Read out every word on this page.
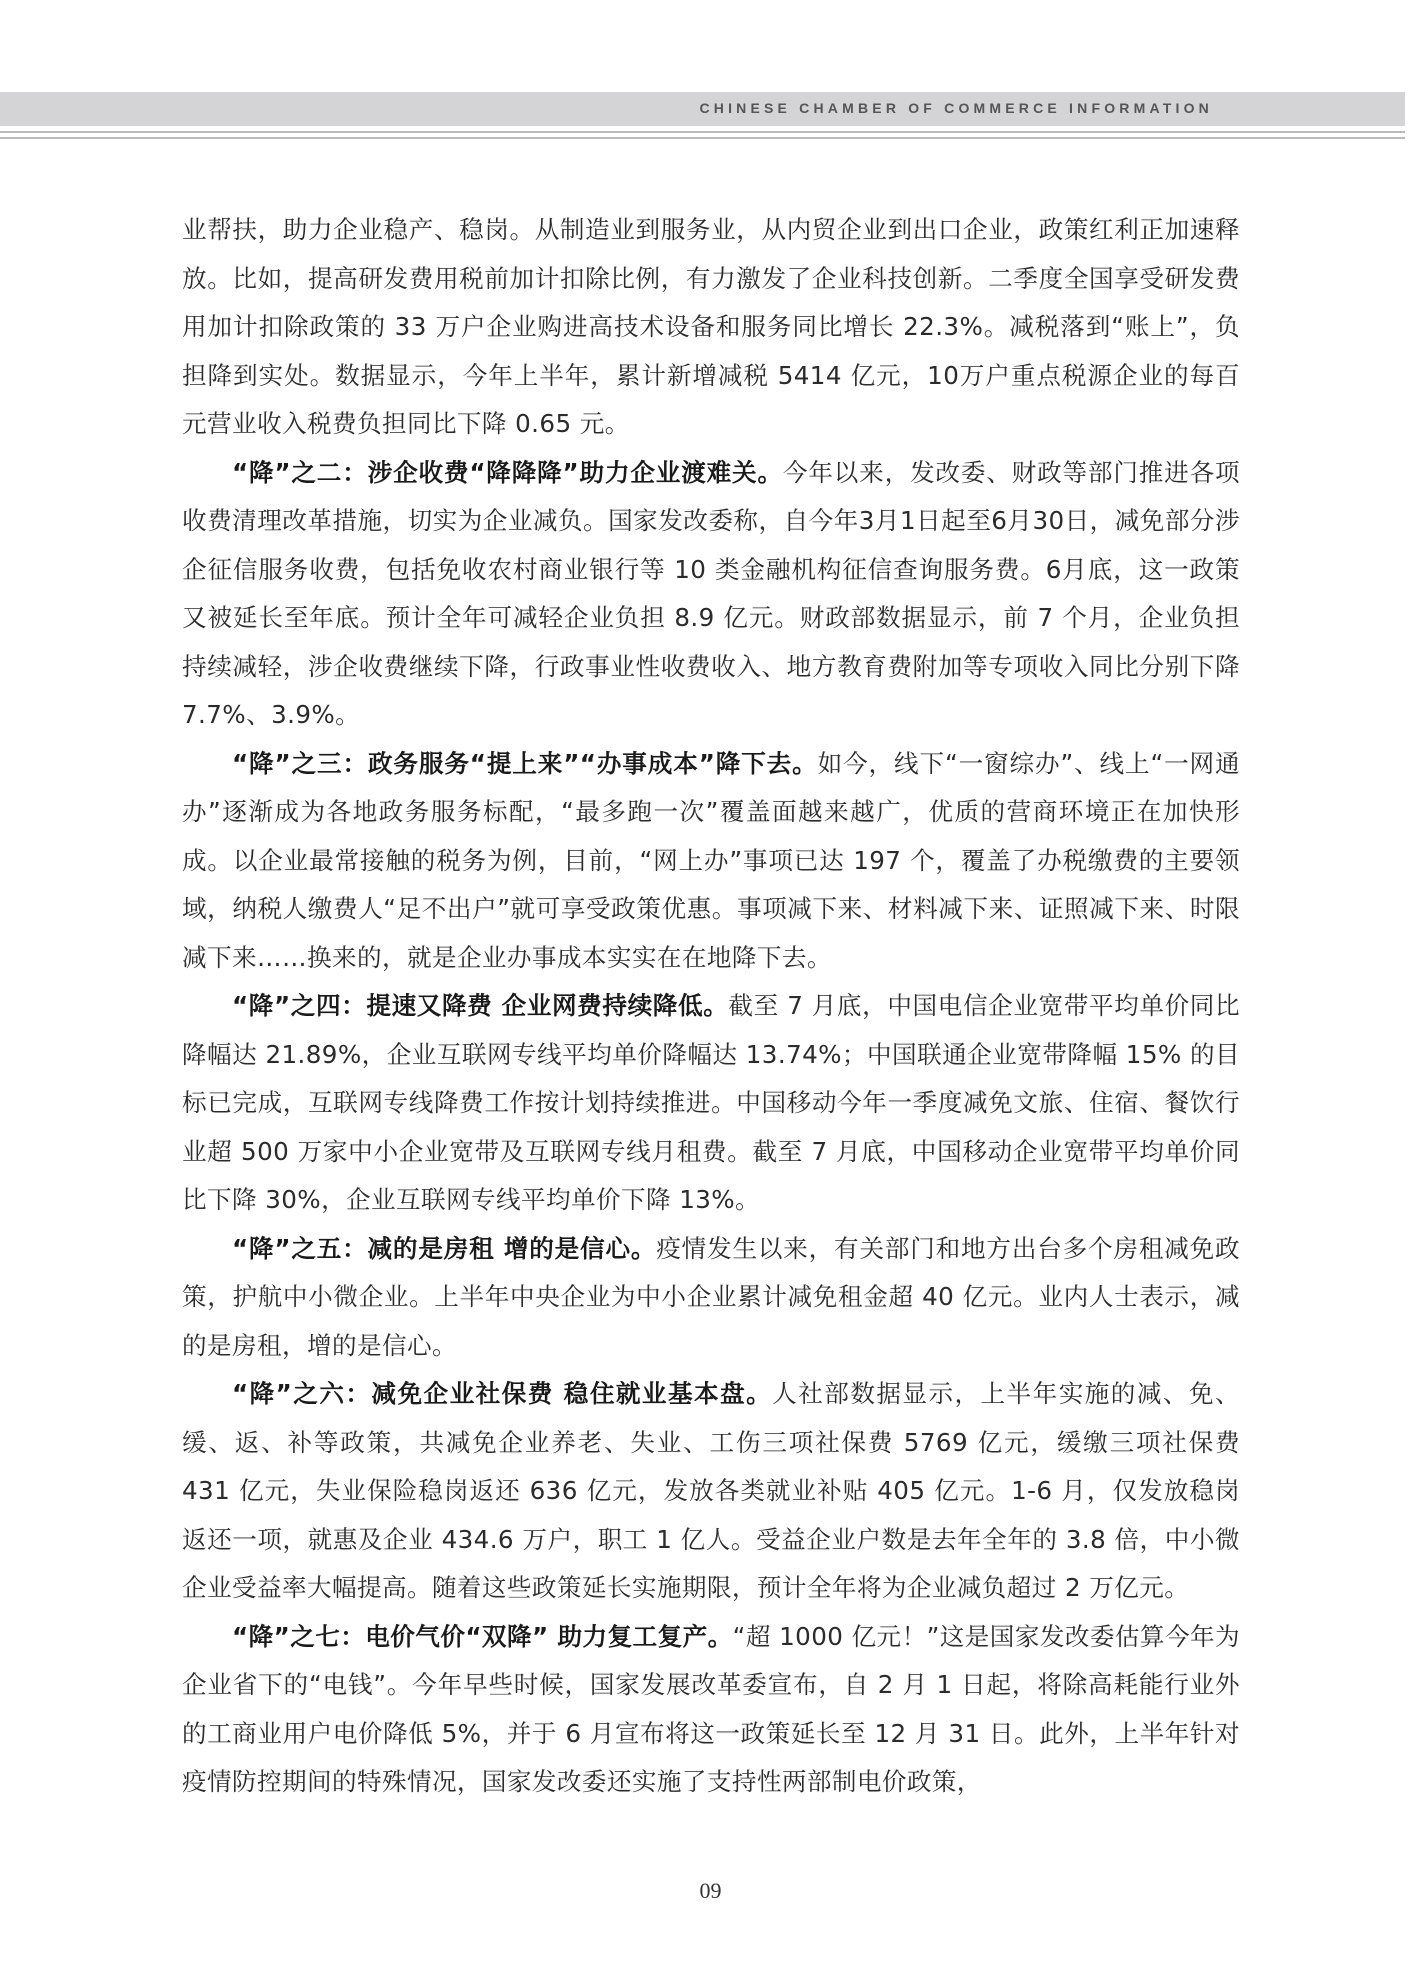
CHINESE CHAMBER OF COMMERCE INFORMATION

业帮扶，助力企业稳产、稳岗。从制造业到服务业，从内贸企业到出口企业，政策红利正加速释放。比如，提高研发费用税前加计扣除比例，有力激发了企业科技创新。二季度全国享受研发费用加计扣除政策的 33 万户企业购进高技术设备和服务同比增长 22.3%。减税落到“账上”，负担降到实处。数据显示，今年上半年，累计新增减税 5414 亿元，10万户重点税源企业的每百元营业收入税费负担同比下降 0.65 元。

“降”之二：涉企收费“降降降”助力企业渡难关。今年以来，发改委、财政等部门推进各项收费清理改革措施，切实为企业减负。国家发改委称，自今年3月1日起至6月30日，减免部分涉企征信服务收费，包括免收农村商业银行等 10 类金融机构征信查询服务费。6月底，这一政策又被延长至年底。预计全年可减轻企业负担 8.9 亿元。财政部数据显示，前 7 个月，企业负担持续减轻，涉企收费继续下降，行政事业性收费收入、地方教育费附加等专项收入同比分别下降 7.7%、3.9%。

“降”之三：政务服务“提上来”“办事成本”降下去。如今，线下“一窗综办”、线上“一网通办”逐渐成为各地政务服务标配，“最多跑一次”覆盖面越来越广，优质的营商环境正在加快形成。以企业最常接触的税务为例，目前，“网上办”事项已达 197 个，覆盖了办税缴费的主要领域，纳税人缴费人“足不出户”就可享受政策优惠。事项减下来、材料减下来、证照减下来、时限减下来……换来的，就是企业办事成本实实在在地降下去。

“降”之四：提速又降费 企业网费持续降低。截至 7 月底，中国电信企业宽带平均单价同比降幅达 21.89%，企业互联网专线平均单价降幅达 13.74%；中国联通企业宽带降幅 15% 的目标已完成，互联网专线降费工作按计划持续推进。中国移动今年一季度减免文旅、住宿、餐饮行业超 500 万家中小企业宽带及互联网专线月租费。截至 7 月底，中国移动企业宽带平均单价同比下降 30%，企业互联网专线平均单价下降 13%。

“降”之五：减的是房租 增的是信心。疫情发生以来，有关部门和地方出台多个房租减免政策，护航中小微企业。上半年中央企业为中小企业累计减免租金超 40 亿元。业内人士表示，减的是房租，增的是信心。

“降”之六：减免企业社保费 稳住就业基本盘。人社部数据显示，上半年实施的减、免、缓、返、补等政策，共减免企业养老、失业、工伤三项社保费 5769 亿元，缓缴三项社保费 431 亿元，失业保险稳岗返还 636 亿元，发放各类就业补贴 405 亿元。1-6 月，仅发放稳岗返还一项，就惠及企业 434.6 万户，职工 1 亿人。受益企业户数是去年全年的 3.8 倍，中小微企业受益率大幅提高。随着这些政策延长实施期限，预计全年将为企业减负超过 2 万亿元。

“降”之七：电价气价“双降” 助力复工复产。“超 1000 亿元！”这是国家发改委估算今年为企业省下的“电钱”。今年早些时候，国家发展改革委宣布，自 2 月 1 日起，将除高耗能行业外的工商业用户电价降低 5%，并于 6 月宣布将这一政策延长至 12 月 31 日。此外，上半年针对疫情防控期间的特殊情况，国家发改委还实施了支持性两部制电价政策，

09
